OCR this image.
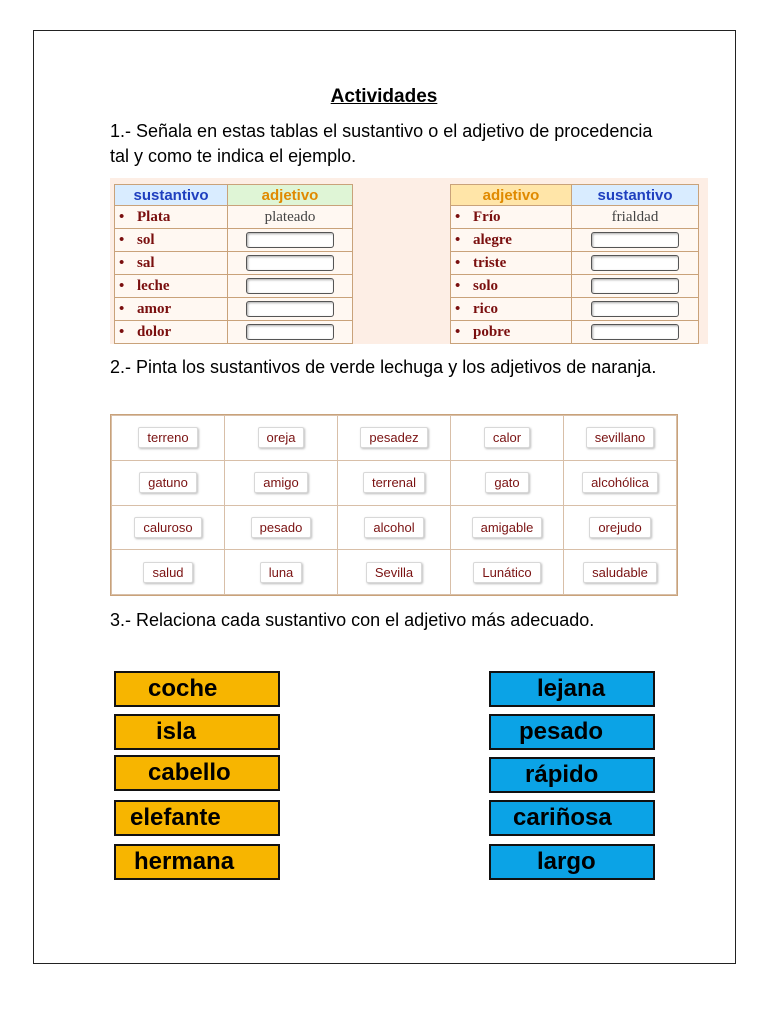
Actividades
1.- Señala en estas tablas el sustantivo o el adjetivo de procedencia tal y como te indica el ejemplo.
sustantivo	adjetivo
• Plata	plateado
• sol	
• sal	
• leche	
• amor	
• dolor	
adjetivo	sustantivo
• Frío	frialdad
• alegre	
• triste	
• solo	
• rico	
• pobre	
2.- Pinta los sustantivos de verde lechuga y los adjetivos de naranja.
terreno	oreja	pesadez	calor	sevillano
gatuno	amigo	terrenal	gato	alcohólica
caluroso	pesado	alcohol	amigable	orejudo
salud	luna	Sevilla	Lunático	saludable
3.- Relaciona cada sustantivo con el adjetivo más adecuado.
coche
isla
cabello
elefante
hermana
lejana
pesado
rápido
cariñosa
largo
